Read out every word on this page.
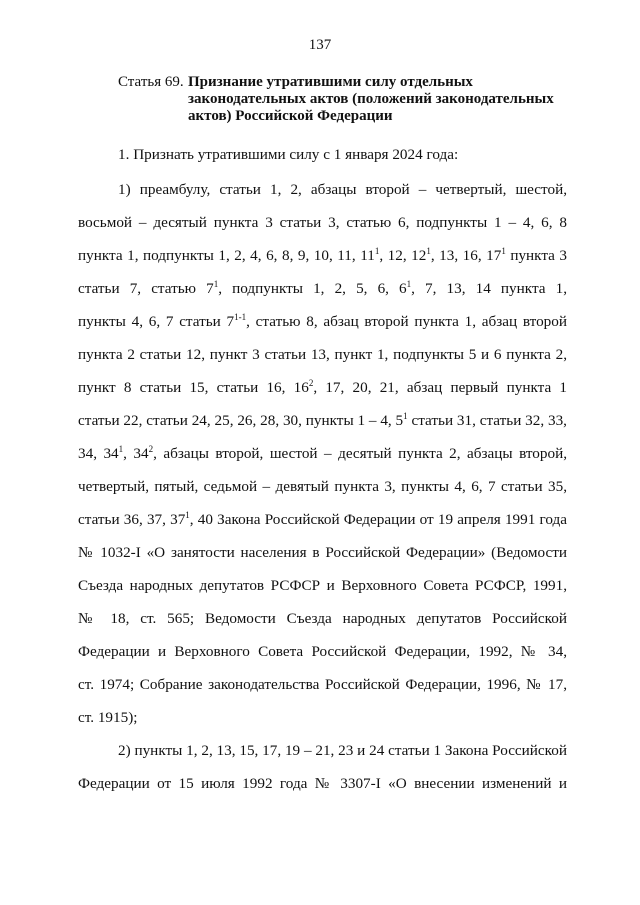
137
Статья 69. Признание утратившими силу отдельных законодательных актов (положений законодательных актов) Российской Федерации
1. Признать утратившими силу с 1 января 2024 года:
1) преамбулу, статьи 1, 2, абзацы второй – четвертый, шестой,
восьмой – десятый пункта 3 статьи 3, статью 6, подпункты 1 – 4, 6, 8
пункта 1, подпункты 1, 2, 4, 6, 8, 9, 10, 11, $11^1$, 12, $12^1$, 13, 16, $17^1$ пункта 3
статьи 7, статью $7^1$, подпункты 1, 2, 5, 6, $6^1$, 7, 13, 14 пункта 1,
пункты 4, 6, 7 статьи 7$^{1-1}$, статью 8, абзац второй пункта 1, абзац второй
пункта 2 статьи 12, пункт 3 статьи 13, пункт 1, подпункты 5 и 6 пункта 2,
пункт 8 статьи 15, статьи 16, $16^2$, 17, 20, 21, абзац первый пункта 1
статьи 22, статьи 24, 25, 26, 28, 30, пункты 1 – 4, $5^1$ статьи 31, статьи 32, 33,
34, $34^1$, $34^2$, абзацы второй, шестой – десятый пункта 2, абзацы второй,
четвертый, пятый, седьмой – девятый пункта 3, пункты 4, 6, 7 статьи 35,
статьи 36, 37, $37^1$, 40 Закона Российской Федерации от 19 апреля 1991 года
№ 1032-I «О занятости населения в Российской Федерации» (Ведомости
Съезда народных депутатов РСФСР и Верховного Совета РСФСР, 1991,
№ 18, ст. 565; Ведомости Съезда народных депутатов Российской
Федерации и Верховного Совета Российской Федерации, 1992, № 34,
ст. 1974; Собрание законодательства Российской Федерации, 1996, № 17,
ст. 1915);
2) пункты 1, 2, 13, 15, 17, 19 – 21, 23 и 24 статьи 1 Закона Российской
Федерации от 15 июля 1992 года № 3307-I «О внесении изменений и
